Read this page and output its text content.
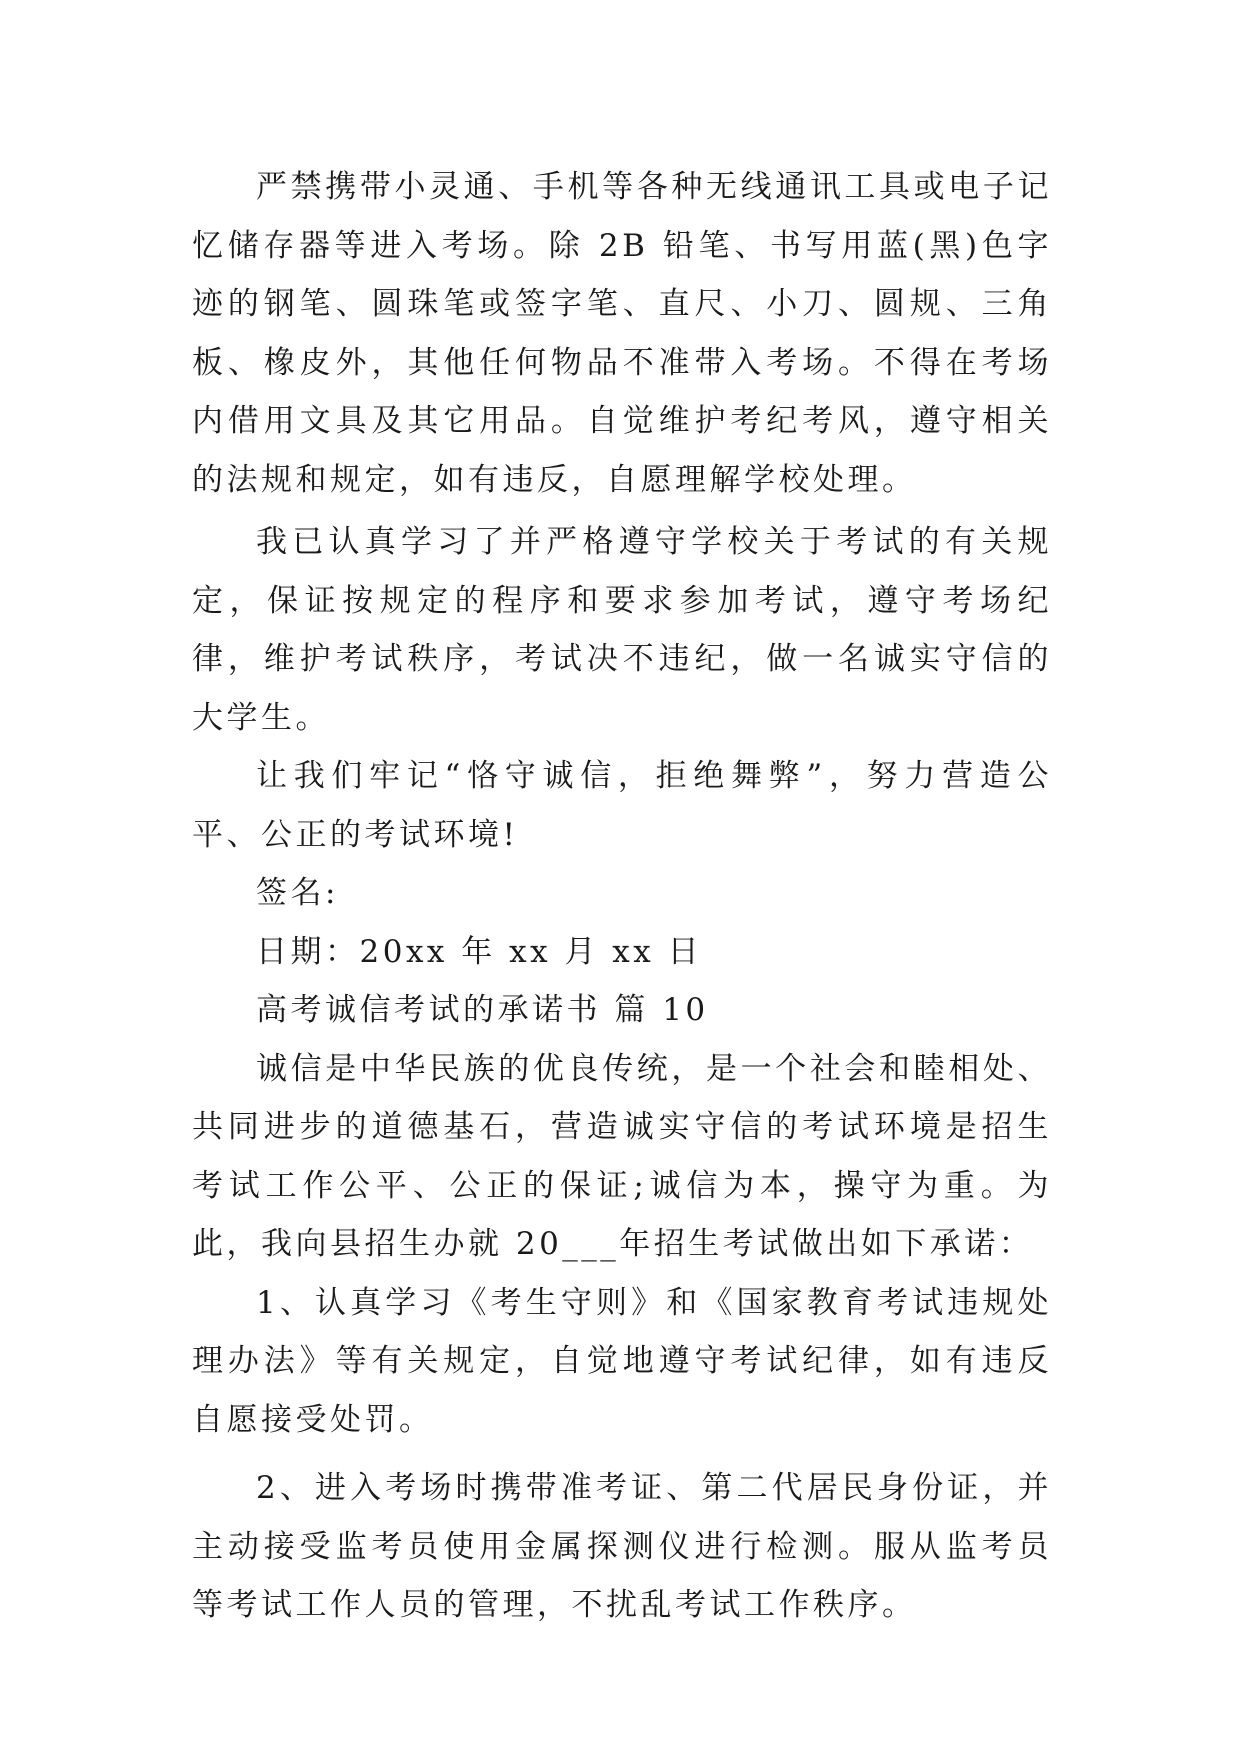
严禁携带小灵通、手机等各种无线通讯工具或电子记忆储存器等进入考场。除 2B 铅笔、书写用蓝(黑)色字迹的钢笔、圆珠笔或签字笔、直尺、小刀、圆规、三角板、橡皮外，其他任何物品不准带入考场。不得在考场内借用文具及其它用品。自觉维护考纪考风，遵守相关的法规和规定，如有违反，自愿理解学校处理。

我已认真学习了并严格遵守学校关于考试的有关规定，保证按规定的程序和要求参加考试，遵守考场纪律，维护考试秩序，考试决不违纪，做一名诚实守信的大学生。

让我们牢记“恪守诚信，拒绝舞弊”，努力营造公平、公正的考试环境!

签名:

日期：20xx 年 xx 月 xx 日

高考诚信考试的承诺书 篇 10

诚信是中华民族的优良传统，是一个社会和睦相处、共同进步的道德基石，营造诚实守信的考试环境是招生考试工作公平、公正的保证;诚信为本，操守为重。为此，我向县招生办就 20___年招生考试做出如下承诺：

1、认真学习《考生守则》和《国家教育考试违规处理办法》等有关规定，自觉地遵守考试纪律，如有违反自愿接受处罚。

2、进入考场时携带准考证、第二代居民身份证，并主动接受监考员使用金属探测仪进行检测。服从监考员等考试工作人员的管理，不扰乱考试工作秩序。
